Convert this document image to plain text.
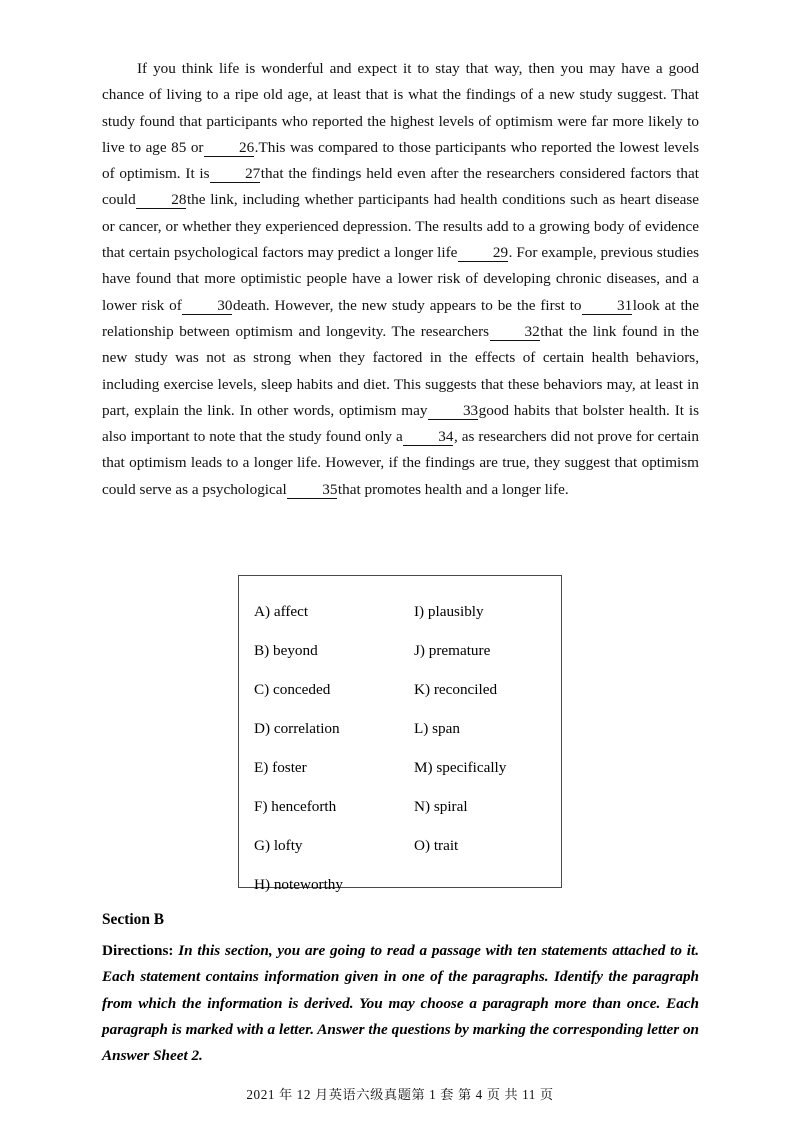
If you think life is wonderful and expect it to stay that way, then you may have a good chance of living to a ripe old age, at least that is what the findings of a new study suggest. That study found that participants who reported the highest levels of optimism were far more likely to live to age 85 or 26.This was compared to those participants who reported the lowest levels of optimism. It is 27that the findings held even after the researchers considered factors that could 28the link, including whether participants had health conditions such as heart disease or cancer, or whether they experienced depression. The results add to a growing body of evidence that certain psychological factors may predict a longer life 29. For example, previous studies have found that more optimistic people have a lower risk of developing chronic diseases, and a lower risk of 30death. However, the new study appears to be the first to 31look at the relationship between optimism and longevity. The researchers 32that the link found in the new study was not as strong when they factored in the effects of certain health behaviors, including exercise levels, sleep habits and diet. This suggests that these behaviors may, at least in part, explain the link. In other words, optimism may 33good habits that bolster health. It is also important to note that the study found only a 34, as researchers did not prove for certain that optimism leads to a longer life. However, if the findings are true, they suggest that optimism could serve as a psychological 35that promotes health and a longer life.
A) affect
B) beyond
C) conceded
D) correlation
E) foster
F) henceforth
G) lofty
H) noteworthy
I) plausibly
J) premature
K) reconciled
L) span
M) specifically
N) spiral
O) trait
Section B
Directions: In this section, you are going to read a passage with ten statements attached to it. Each statement contains information given in one of the paragraphs. Identify the paragraph from which the information is derived. You may choose a paragraph more than once. Each paragraph is marked with a letter. Answer the questions by marking the corresponding letter on Answer Sheet 2.
2021 年 12 月英语六级真题第 1 套 第 4 页 共 11 页
